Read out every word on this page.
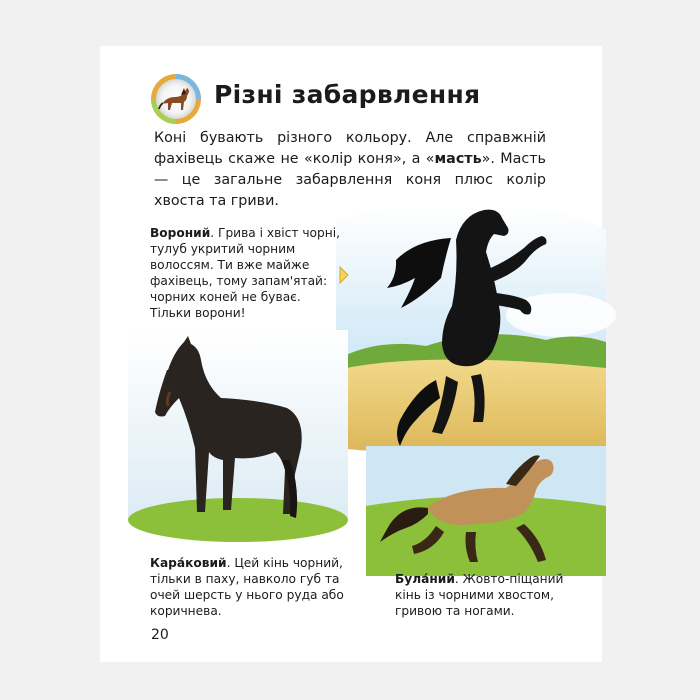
Різні забарвлення
Коні бувають різного кольору. Але справжній фахівець скаже не «колір коня», а «масть». Масть — це загальне забарвлення коня плюс колір хвоста та гриви.
Вороний. Грива і хвіст чорні, тулуб укритий чорним волоссям. Ти вже майже фахівець, тому запам'ятай: чорних коней не буває. Тільки ворони!
Кара́ковий. Цей кінь чорний, тільки в паху, навколо губ та очей шерсть у нього руда або коричнева.
Була́ний. Жовто-піщаний кінь із чорними хвостом, гривою та ногами.
20
